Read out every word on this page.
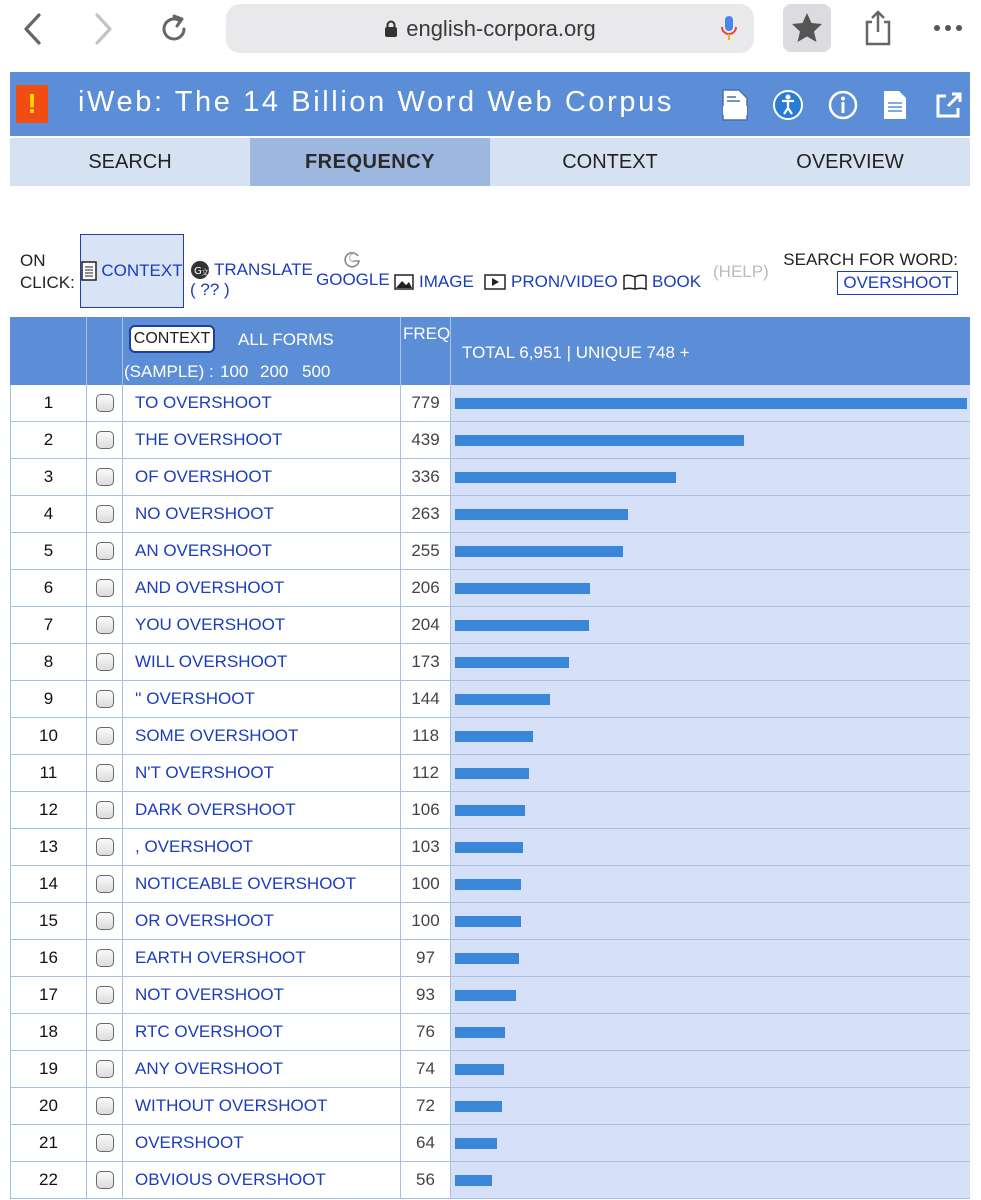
english-corpora.org
!	iWeb: The 14 Billion Word Web Corpus
SEARCH	FREQUENCY	CONTEXT	OVERVIEW
ON
CLICK:
CONTEXT G 文 TRANSLATE
( ?? )
GOOGLE IMAGE PRON/VIDEO BOOK
(HELP)
SEARCH FOR WORD:
OVERSHOOT
CONTEXT ALL FORMS
(SAMPLE) : 100 200 500
FREQ
TOTAL 6,951 | UNIQUE 748 +
1	TO OVERSHOOT	779
2	THE OVERSHOOT	439
3	OF OVERSHOOT	336
4	NO OVERSHOOT	263
5	AN OVERSHOOT	255
6	AND OVERSHOOT	206
7	YOU OVERSHOOT	204
8	WILL OVERSHOOT	173
9	'' OVERSHOOT	144
10	SOME OVERSHOOT	118
11	N'T OVERSHOOT	112
12	DARK OVERSHOOT	106
13	, OVERSHOOT	103
14	NOTICEABLE OVERSHOOT	100
15	OR OVERSHOOT	100
16	EARTH OVERSHOOT	97
17	NOT OVERSHOOT	93
18	RTC OVERSHOOT	76
19	ANY OVERSHOOT	74
20	WITHOUT OVERSHOOT	72
21	OVERSHOOT	64
22	OBVIOUS OVERSHOOT	56
